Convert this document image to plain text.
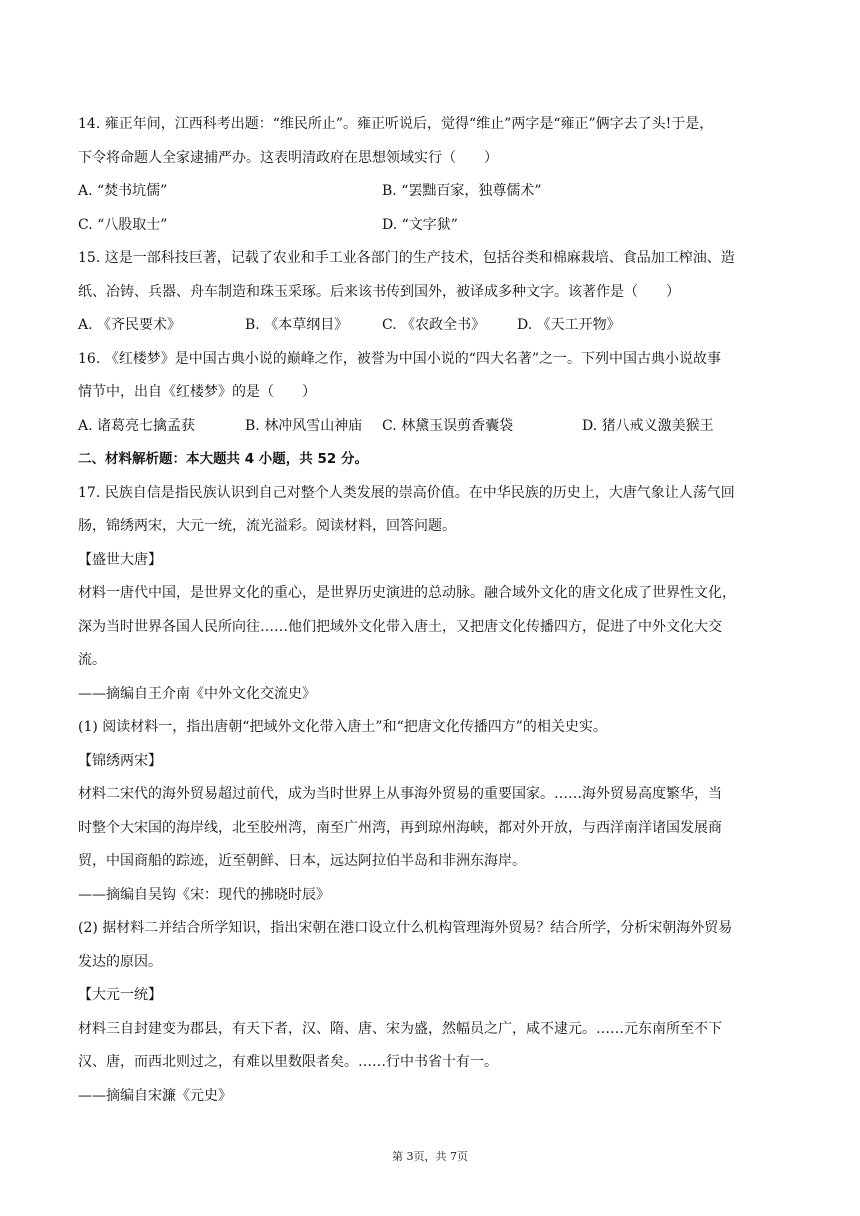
14. 雍正年间，江西科考出题：“维民所止”。雍正听说后，觉得“维止”两字是“雍正”俩字去了头!于是，
下令将命题人全家逮捕严办。这表明清政府在思想领域实行（　　）
A. “焚书坑儒”	B. “罢黜百家，独尊儒术”
C. “八股取士”	D. “文字狱”
15. 这是一部科技巨著，记载了农业和手工业各部门的生产技术，包括谷类和棉麻栽培、食品加工榨油、造
纸、冶铸、兵器、舟车制造和珠玉采琢。后来该书传到国外，被译成多种文字。该著作是（　　）
A. 《齐民要术》	B. 《本草纲目》	C. 《农政全书》	D. 《天工开物》
16. 《红楼梦》是中国古典小说的巅峰之作，被誉为中国小说的“四大名著”之一。下列中国古典小说故事
情节中，出自《红楼梦》的是（　　）
A. 诸葛亮七擒孟获	B. 林冲风雪山神庙	C. 林黛玉误剪香囊袋	D. 猪八戒义激美猴王
二、材料解析题：本大题共 4 小题，共 52 分。
17. 民族自信是指民族认识到自己对整个人类发展的崇高价值。在中华民族的历史上，大唐气象让人荡气回
肠，锦绣两宋，大元一统，流光溢彩。阅读材料，回答问题。
【盛世大唐】
材料一唐代中国，是世界文化的重心，是世界历史演进的总动脉。融合域外文化的唐文化成了世界性文化，
深为当时世界各国人民所向往……他们把域外文化带入唐土，又把唐文化传播四方，促进了中外文化大交
流。
——摘编自王介南《中外文化交流史》
(1) 阅读材料一，指出唐朝“把域外文化带入唐土”和“把唐文化传播四方”的相关史实。
【锦绣两宋】
材料二宋代的海外贸易超过前代，成为当时世界上从事海外贸易的重要国家。……海外贸易高度繁华，当
时整个大宋国的海岸线，北至胶州湾，南至广州湾，再到琼州海峡，都对外开放，与西洋南洋诸国发展商
贸，中国商船的踪迹，近至朝鲜、日本，远达阿拉伯半岛和非洲东海岸。
——摘编自吴钩《宋：现代的拂晓时辰》
(2) 据材料二并结合所学知识，指出宋朝在港口设立什么机构管理海外贸易？结合所学，分析宋朝海外贸易
发达的原因。
【大元一统】
材料三自封建变为郡县，有天下者，汉、隋、唐、宋为盛，然幅员之广，咸不逮元。……元东南所至不下
汉、唐，而西北则过之，有难以里数限者矣。……行中书省十有一。
——摘编自宋濂《元史》
第 3页，共 7页
